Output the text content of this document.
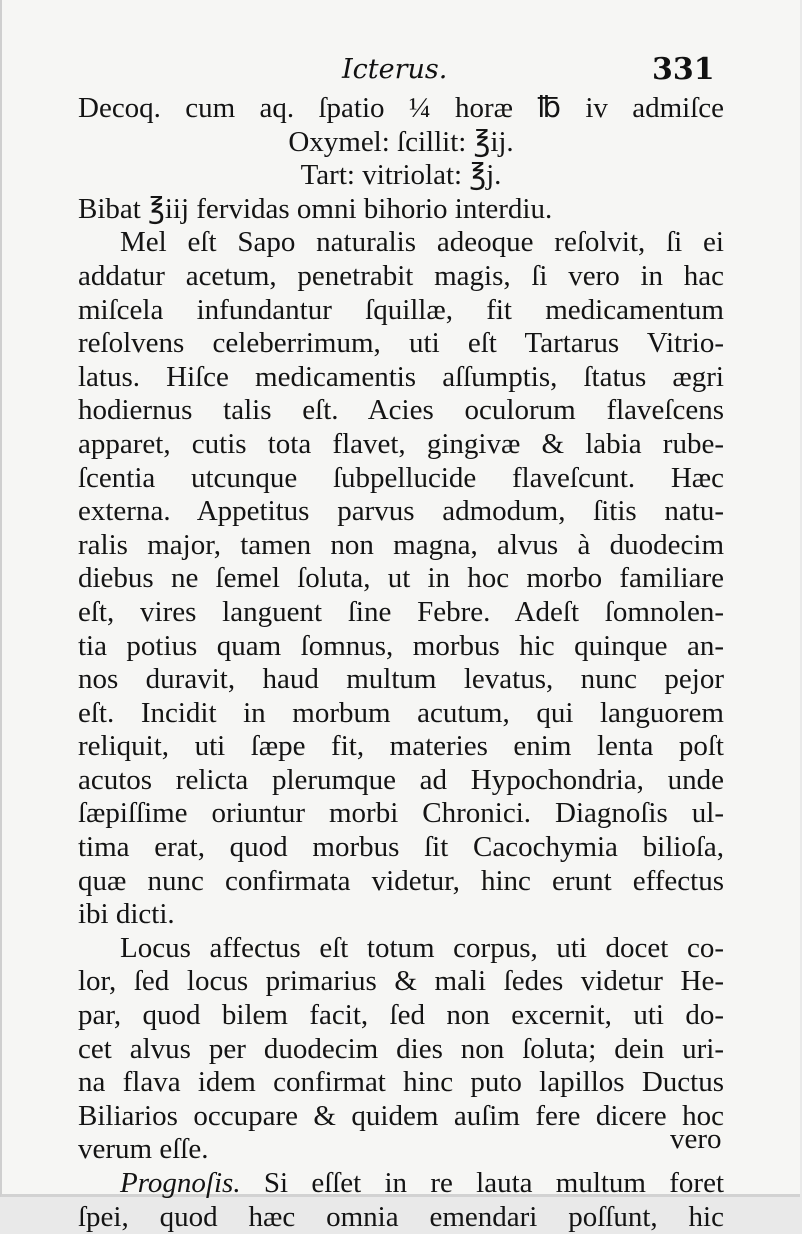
Icterus.	331
Decoq. cum aq. ſpatio ¼ horæ ℔ iv admiſce
Oxymel: ſcillit: ℥ij.
Tart: vitriolat: ℥j.
Bibat ℥iij fervidas omni bihorio interdiu.
Mel eſt Sapo naturalis adeoque reſolvit, ſi ei
addatur acetum, penetrabit magis, ſi vero in hac
miſcela infundantur ſquillæ, fit medicamentum
reſolvens celeberrimum, uti eſt Tartarus Vitrio-
latus. Hiſce medicamentis aſſumptis, ſtatus ægri
hodiernus talis eſt. Acies oculorum flaveſcens
apparet, cutis tota flavet, gingivæ & labia rube-
ſcentia utcunque ſubpellucide flaveſcunt. Hæc
externa. Appetitus parvus admodum, ſitis natu-
ralis major, tamen non magna, alvus à duodecim
diebus ne ſemel ſoluta, ut in hoc morbo familiare
eſt, vires languent ſine Febre. Adeſt ſomnolen-
tia potius quam ſomnus, morbus hic quinque an-
nos duravit, haud multum levatus, nunc pejor
eſt. Incidit in morbum acutum, qui languorem
reliquit, uti ſæpe fit, materies enim lenta poſt
acutos relicta plerumque ad Hypochondria, unde
ſæpiſſime oriuntur morbi Chronici. Diagnoſis ul-
tima erat, quod morbus ſit Cacochymia bilioſa,
quæ nunc confirmata videtur, hinc erunt effectus
ibi dicti.
Locus affectus eſt totum corpus, uti docet co-
lor, ſed locus primarius & mali ſedes videtur He-
par, quod bilem facit, ſed non excernit, uti do-
cet alvus per duodecim dies non ſoluta; dein uri-
na flava idem confirmat hinc puto lapillos Ductus
Biliarios occupare & quidem auſim fere dicere hoc
verum eſſe.
Prognoſis. Si eſſet in re lauta multum foret
ſpei, quod hæc omnia emendari poſſunt, hic
vero
